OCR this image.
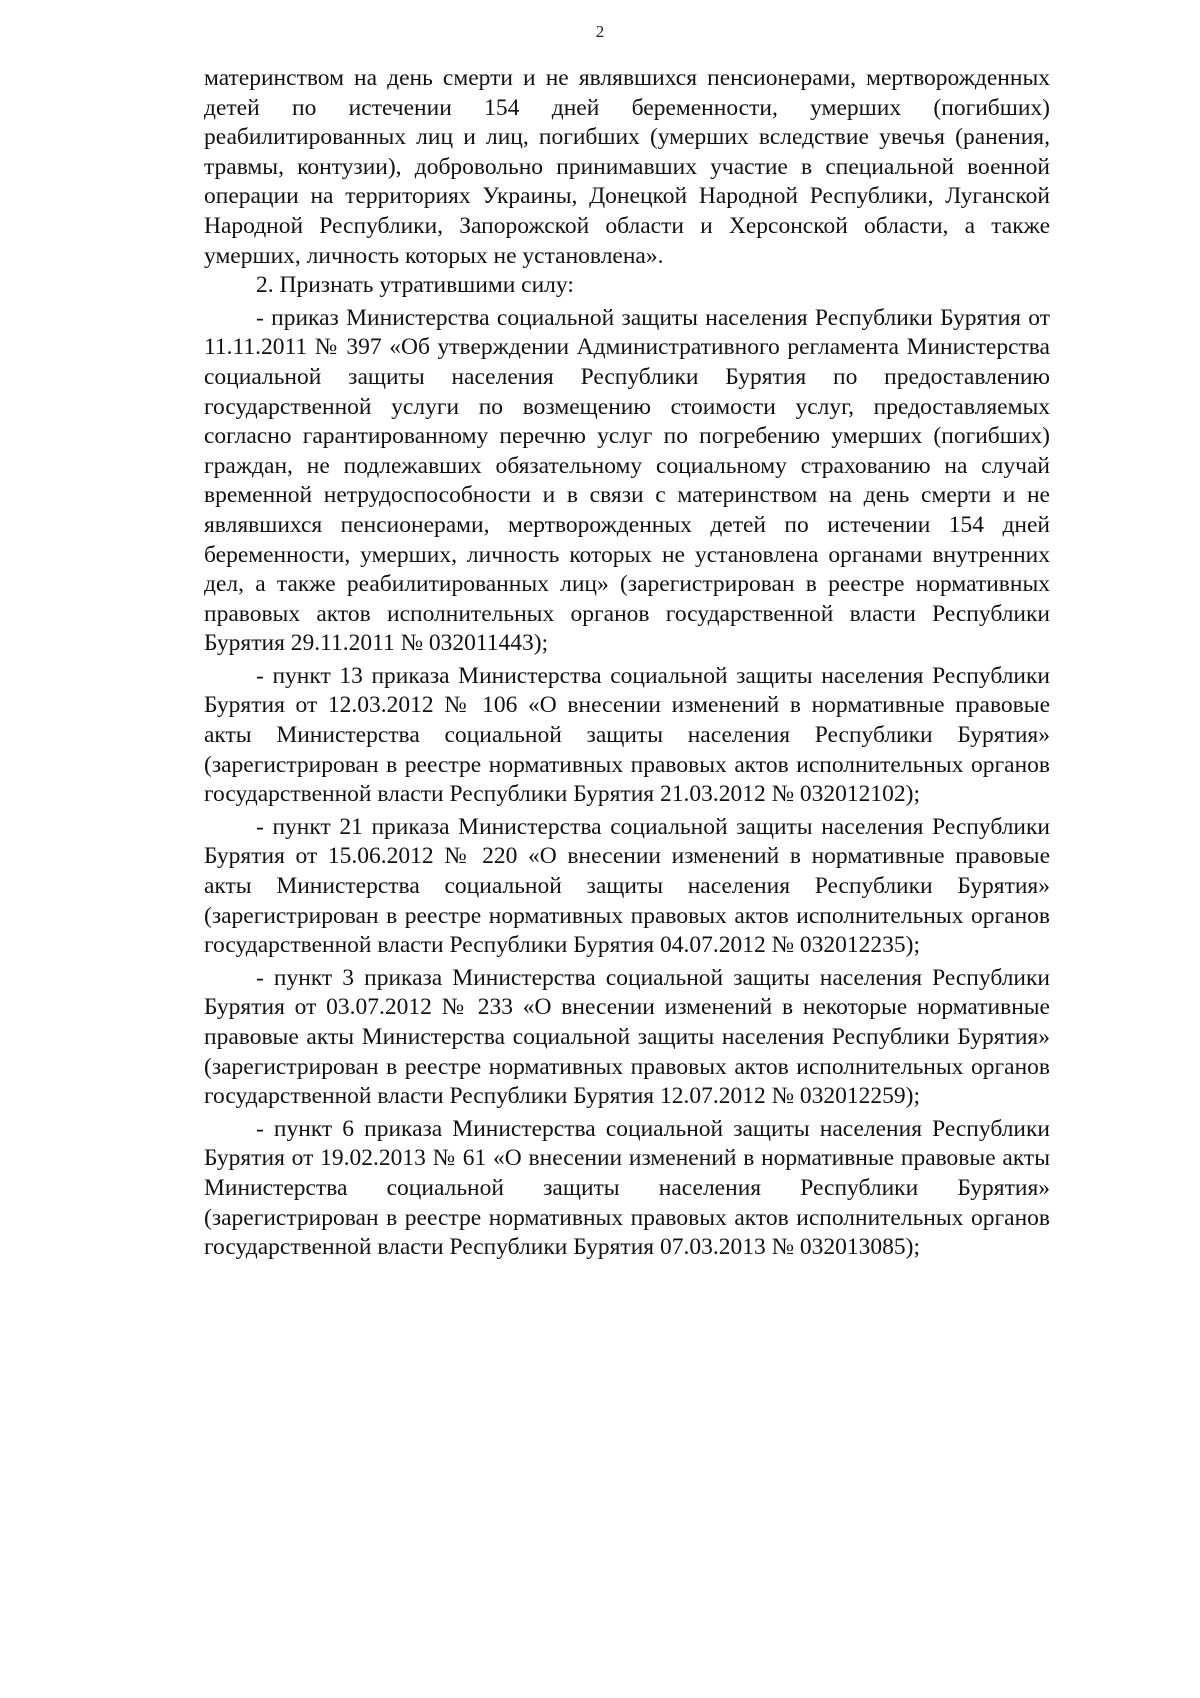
2

материнством на день смерти и не являвшихся пенсионерами, мертворожденных детей по истечении 154 дней беременности, умерших (погибших) реабилитированных лиц и лиц, погибших (умерших вследствие увечья (ранения, травмы, контузии), добровольно принимавших участие в специальной военной операции на территориях Украины, Донецкой Народной Республики, Луганской Народной Республики, Запорожской области и Херсонской области, а также умерших, личность которых не установлена».

2. Признать утратившими силу:

- приказ Министерства социальной защиты населения Республики Бурятия от 11.11.2011 № 397 «Об утверждении Административного регламента Министерства социальной защиты населения Республики Бурятия по предоставлению государственной услуги по возмещению стоимости услуг, предоставляемых согласно гарантированному перечню услуг по погребению умерших (погибших) граждан, не подлежавших обязательному социальному страхованию на случай временной нетрудоспособности и в связи с материнством на день смерти и не являвшихся пенсионерами, мертворожденных детей по истечении 154 дней беременности, умерших, личность которых не установлена органами внутренних дел, а также реабилитированных лиц» (зарегистрирован в реестре нормативных правовых актов исполнительных органов государственной власти Республики Бурятия 29.11.2011 № 032011443);

- пункт 13 приказа Министерства социальной защиты населения Республики Бурятия от 12.03.2012 № 106 «О внесении изменений в нормативные правовые акты Министерства социальной защиты населения Республики Бурятия» (зарегистрирован в реестре нормативных правовых актов исполнительных органов государственной власти Республики Бурятия 21.03.2012 № 032012102);

- пункт 21 приказа Министерства социальной защиты населения Республики Бурятия от 15.06.2012 № 220 «О внесении изменений в нормативные правовые акты Министерства социальной защиты населения Республики Бурятия» (зарегистрирован в реестре нормативных правовых актов исполнительных органов государственной власти Республики Бурятия 04.07.2012 № 032012235);

- пункт 3 приказа Министерства социальной защиты населения Республики Бурятия от 03.07.2012 № 233 «О внесении изменений в некоторые нормативные правовые акты Министерства социальной защиты населения Республики Бурятия» (зарегистрирован в реестре нормативных правовых актов исполнительных органов государственной власти Республики Бурятия 12.07.2012 № 032012259);

- пункт 6 приказа Министерства социальной защиты населения Республики Бурятия от 19.02.2013 № 61 «О внесении изменений в нормативные правовые акты Министерства социальной защиты населения Республики Бурятия» (зарегистрирован в реестре нормативных правовых актов исполнительных органов государственной власти Республики Бурятия 07.03.2013 № 032013085);
